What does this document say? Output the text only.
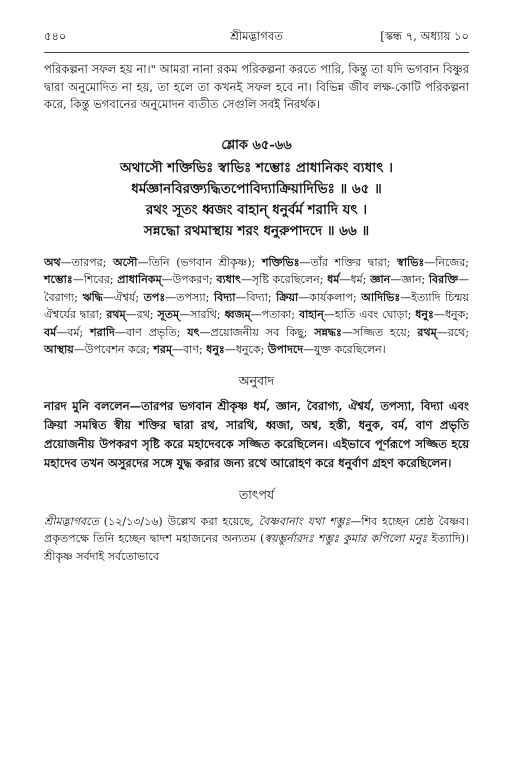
৫৪০	শ্রীমদ্ভাগবত	[স্কন্ধ ৭, অধ্যায় ১০

পরিকল্পনা সফল হয় না।" আমরা নানা রকম পরিকল্পনা করতে পারি, কিন্তু তা যদি ভগবান বিষ্ণুর দ্বারা অনুমোদিত না হয়, তা হলে তা কখনই সফল হবে না। বিভিন্ন জীব লক্ষ-কোটি পরিকল্পনা করে, কিন্তু ভগবানের অনুমোদন ব্যতীত সেগুলি সবই নিরর্থক।

শ্লোক ৬৫-৬৬
অথাসৌ শক্তিভিঃ স্বাভিঃ শম্ভোঃ প্রাধানিকং ব্যধাৎ ।
ধর্মজ্ঞানবিরক্ত্যদ্ধিতপোবিদ্যাক্রিয়াদিভিঃ ॥ ৬৫ ॥
রথং সূতং ধ্বজং বাহান্ ধনুর্বর্ম শরাদি যৎ ।
সন্নদ্ধো রথমাস্থায় শরং ধনুরুপাদদে ॥ ৬৬ ॥

অথ—তারপর; অসৌ—তিনি (ভগবান শ্রীকৃষ্ণ); শক্তিভিঃ—তাঁর শক্তির দ্বারা; স্বাভিঃ—নিজের; শম্ভোঃ—শিবের; প্রাধানিকম্—উপকরণ; ব্যধাৎ—সৃষ্টি করেছিলেন; ধর্ম—ধর্ম; জ্ঞান—জ্ঞান; বিরক্তি—বৈরাগ্য; ঋদ্ধি—ঐশ্বর্য; তপঃ—তপস্যা; বিদ্যা—বিদ্যা; ক্রিয়া—কার্যকলাপ; আদিভিঃ—ইত্যাদি চিন্ময় ঐশ্বর্যের দ্বারা; রথম্—রথ; সূতম্—সারথি; ধ্বজম্—পতাকা; বাহান্—হাতি এবং ঘোড়া; ধনুঃ—ধনুক; বর্ম—বর্ম; শরাদি—বাণ প্রভৃতি; যৎ—প্রয়োজনীয় সব কিছু; সন্নদ্ধঃ—সজ্জিত হয়ে; রথম্—রথে; আস্থায়—উপবেশন করে; শরম্—বাণ; ধনুঃ—ধনুকে; উপাদদে—যুক্ত করেছিলেন।

অনুবাদ

নারদ মুনি বললেন—তারপর ভগবান শ্রীকৃষ্ণ ধর্ম, জ্ঞান, বৈরাগ্য, ঐশ্বর্য, তপস্যা, বিদ্যা এবং ক্রিয়া সমন্বিত স্বীয় শক্তির দ্বারা রথ, সারথি, ধ্বজা, অশ্ব, হস্তী, ধনুক, বর্ম, বাণ প্রভৃতি প্রয়োজনীয় উপকরণ সৃষ্টি করে মহাদেবকে সজ্জিত করেছিলেন। এইভাবে পূর্ণরূপে সজ্জিত হয়ে মহাদেব তখন অসুরদের সঙ্গে যুদ্ধ করার জন্য রথে আরোহণ করে ধনুর্বাণ গ্রহণ করেছিলেন।

তাৎপর্য

শ্রীমদ্ভাগবতে (১২/১৩/১৬) উল্লেখ করা হয়েছে, বৈষ্ণবানাং যথা শম্ভুঃ—শিব হচ্ছেন শ্রেষ্ঠ বৈষ্ণব। প্রকৃতপক্ষে তিনি হচ্ছেন দ্বাদশ মহাজনের অন্যতম (স্বয়ম্ভুর্নারদঃ শম্ভুঃ কুমার কপিলো মনুঃ ইত্যাদি)। শ্রীকৃষ্ণ সর্বদাই সর্বতোভাবে
